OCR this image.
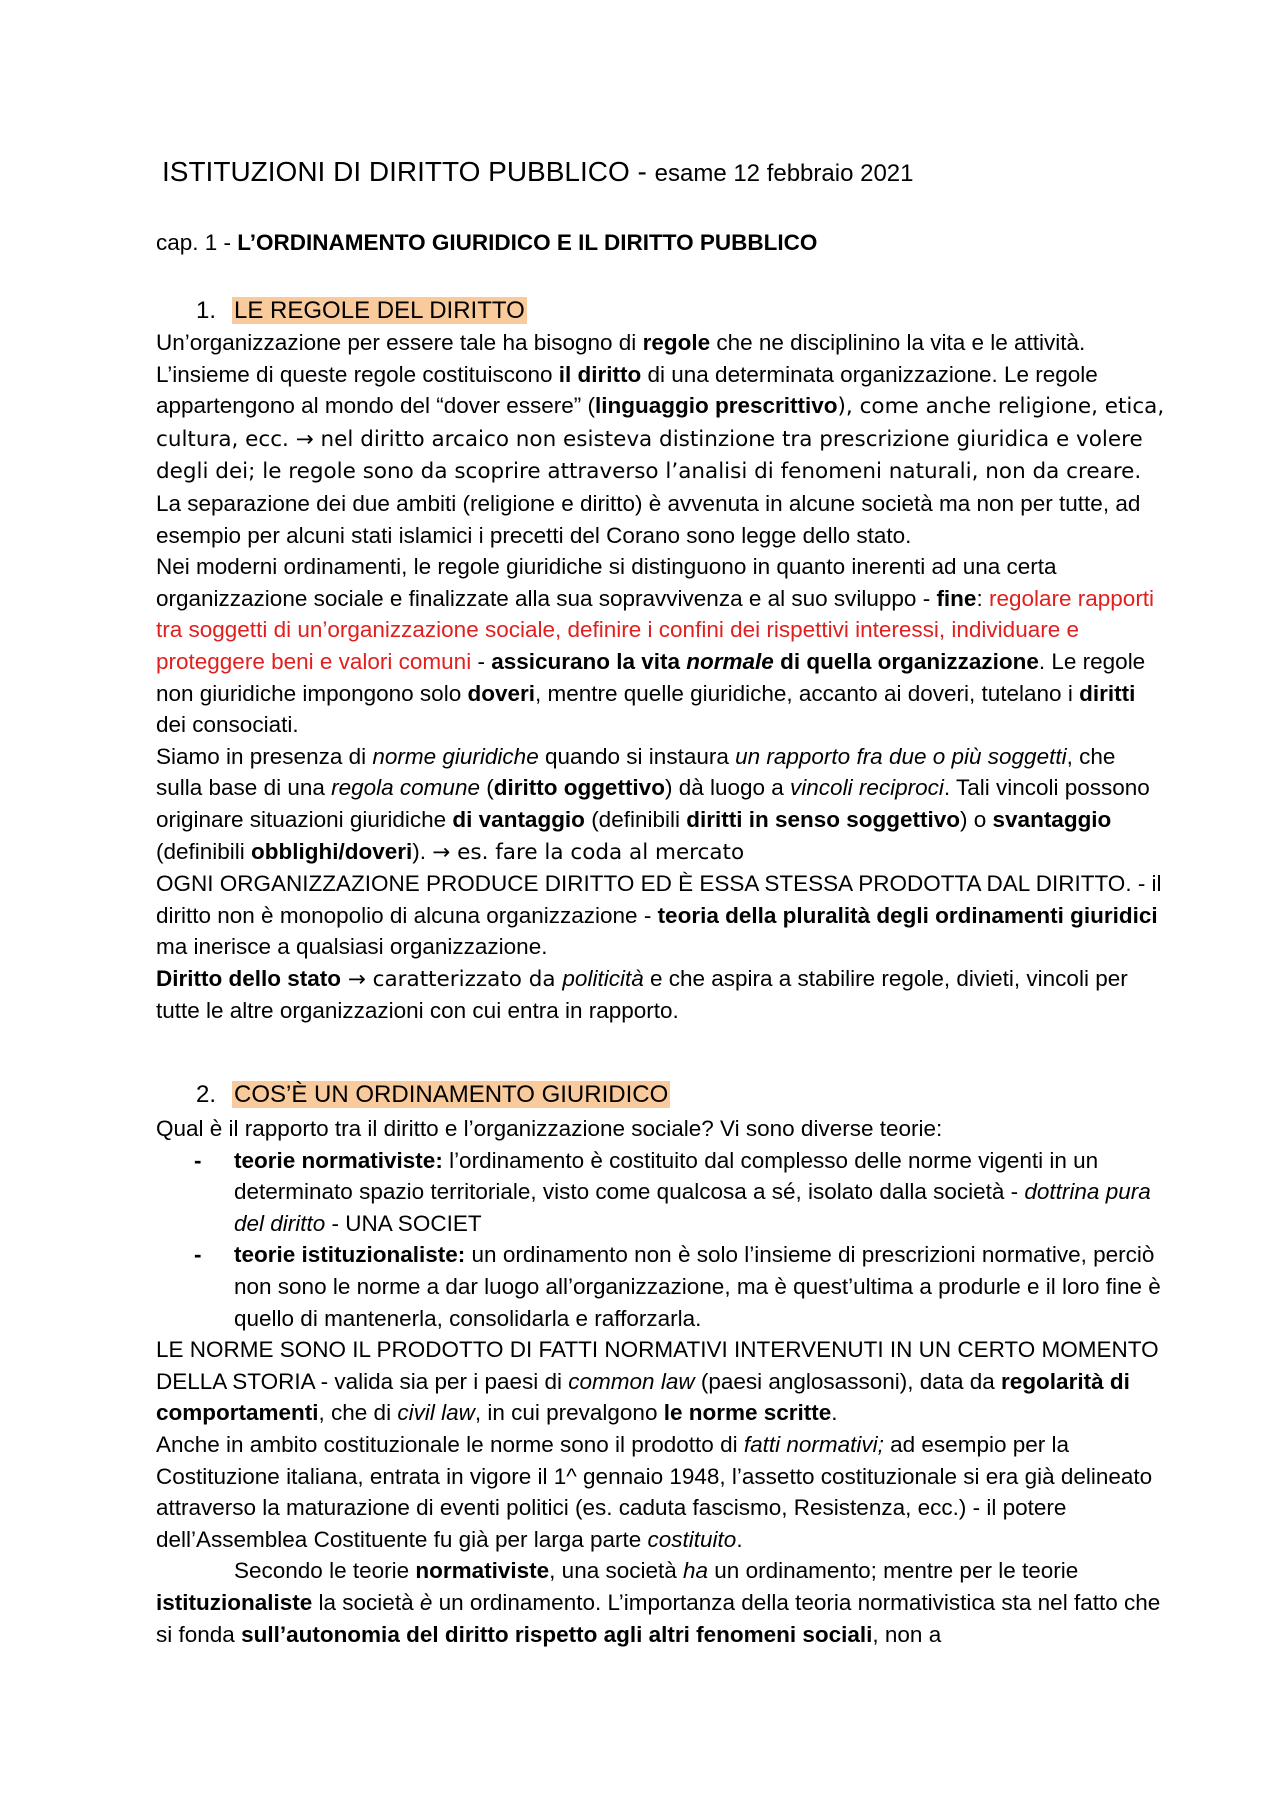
ISTITUZIONI DI DIRITTO PUBBLICO - esame 12 febbraio 2021
cap. 1 - L’ORDINAMENTO GIURIDICO E IL DIRITTO PUBBLICO
1. LE REGOLE DEL DIRITTO

Un’organizzazione per essere tale ha bisogno di regole che ne disciplinino la vita e le attività. L’insieme di queste regole costituiscono il diritto di una determinata organizzazione. Le regole appartengono al mondo del “dover essere” (linguaggio prescrittivo), come anche religione, etica, cultura, ecc. → nel diritto arcaico non esisteva distinzione tra prescrizione giuridica e volere degli dei; le regole sono da scoprire attraverso l’analisi di fenomeni naturali, non da creare.

La separazione dei due ambiti (religione e diritto) è avvenuta in alcune società ma non per tutte, ad esempio per alcuni stati islamici i precetti del Corano sono legge dello stato.

Nei moderni ordinamenti, le regole giuridiche si distinguono in quanto inerenti ad una certa organizzazione sociale e finalizzate alla sua sopravvivenza e al suo sviluppo - fine: regolare rapporti tra soggetti di un’organizzazione sociale, definire i confini dei rispettivi interessi, individuare e proteggere beni e valori comuni - assicurano la vita normale di quella organizzazione. Le regole non giuridiche impongono solo doveri, mentre quelle giuridiche, accanto ai doveri, tutelano i diritti dei consociati.

Siamo in presenza di norme giuridiche quando si instaura un rapporto fra due o più soggetti, che sulla base di una regola comune (diritto oggettivo) dà luogo a vincoli reciproci. Tali vincoli possono originare situazioni giuridiche di vantaggio (definibili diritti in senso soggettivo) o svantaggio (definibili obblighi/doveri). → es. fare la coda al mercato

OGNI ORGANIZZAZIONE PRODUCE DIRITTO ED È ESSA STESSA PRODOTTA DAL DIRITTO. - il diritto non è monopolio di alcuna organizzazione - teoria della pluralità degli ordinamenti giuridici ma inerisce a qualsiasi organizzazione.

Diritto dello stato → caratterizzato da politicità e che aspira a stabilire regole, divieti, vincoli per tutte le altre organizzazioni con cui entra in rapporto.

2. COS’È UN ORDINAMENTO GIURIDICO

Qual è il rapporto tra il diritto e l’organizzazione sociale? Vi sono diverse teorie:

- teorie normativiste: l’ordinamento è costituito dal complesso delle norme vigenti in un determinato spazio territoriale, visto come qualcosa a sé, isolato dalla società - dottrina pura del diritto - UNA SOCIET
- teorie istituzionaliste: un ordinamento non è solo l’insieme di prescrizioni normative, perciò non sono le norme a dar luogo all’organizzazione, ma è quest’ultima a produrle e il loro fine è quello di mantenerla, consolidarla e rafforzarla.

LE NORME SONO IL PRODOTTO DI FATTI NORMATIVI INTERVENUTI IN UN CERTO MOMENTO DELLA STORIA - valida sia per i paesi di common law (paesi anglosassoni), data da regolarità di comportamenti, che di civil law, in cui prevalgono le norme scritte.

Anche in ambito costituzionale le norme sono il prodotto di fatti normativi; ad esempio per la Costituzione italiana, entrata in vigore il 1^ gennaio 1948, l’assetto costituzionale si era già delineato attraverso la maturazione di eventi politici (es. caduta fascismo, Resistenza, ecc.) - il potere dell’Assemblea Costituente fu già per larga parte costituito.

Secondo le teorie normativiste, una società ha un ordinamento; mentre per le teorie istituzionaliste la società è un ordinamento. L’importanza della teoria normativistica sta nel fatto che si fonda sull’autonomia del diritto rispetto agli altri fenomeni sociali, non a
